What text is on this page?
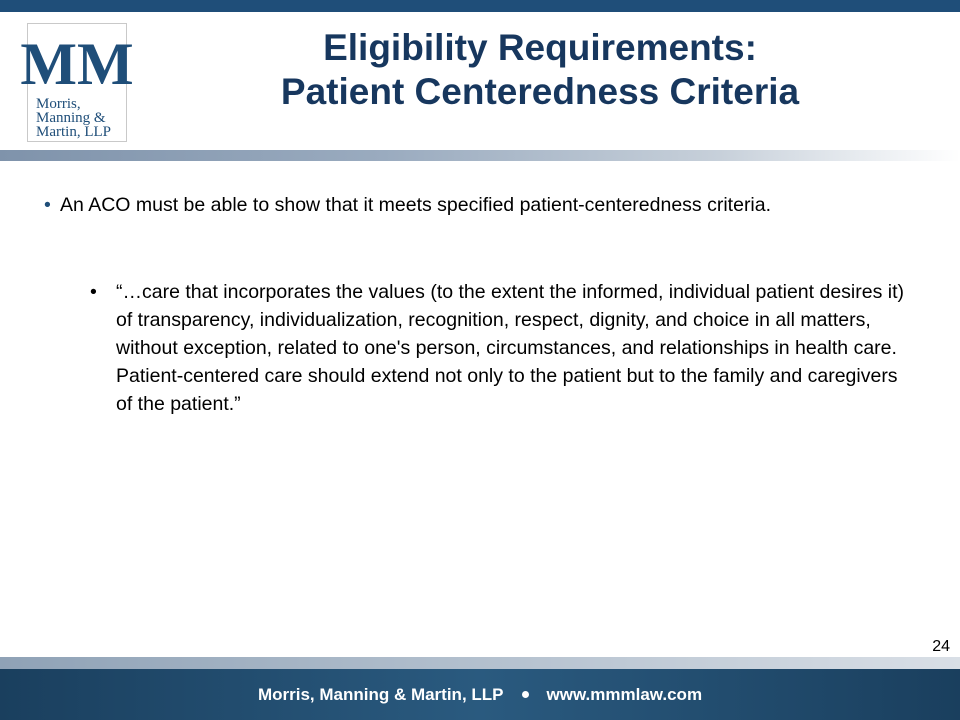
MM
Morris,
Manning &
Martin, LLP
Eligibility Requirements:
Patient Centeredness Criteria
• An ACO must be able to show that it meets specified patient-centeredness criteria.
• “…care that incorporates the values (to the extent the informed, individual patient desires it) of transparency, individualization, recognition, respect, dignity, and choice in all matters, without exception, related to one's person, circumstances, and relationships in health care. Patient-centered care should extend not only to the patient but to the family and caregivers of the patient.”
24
Morris, Manning & Martin, LLP	www.mmmlaw.com
